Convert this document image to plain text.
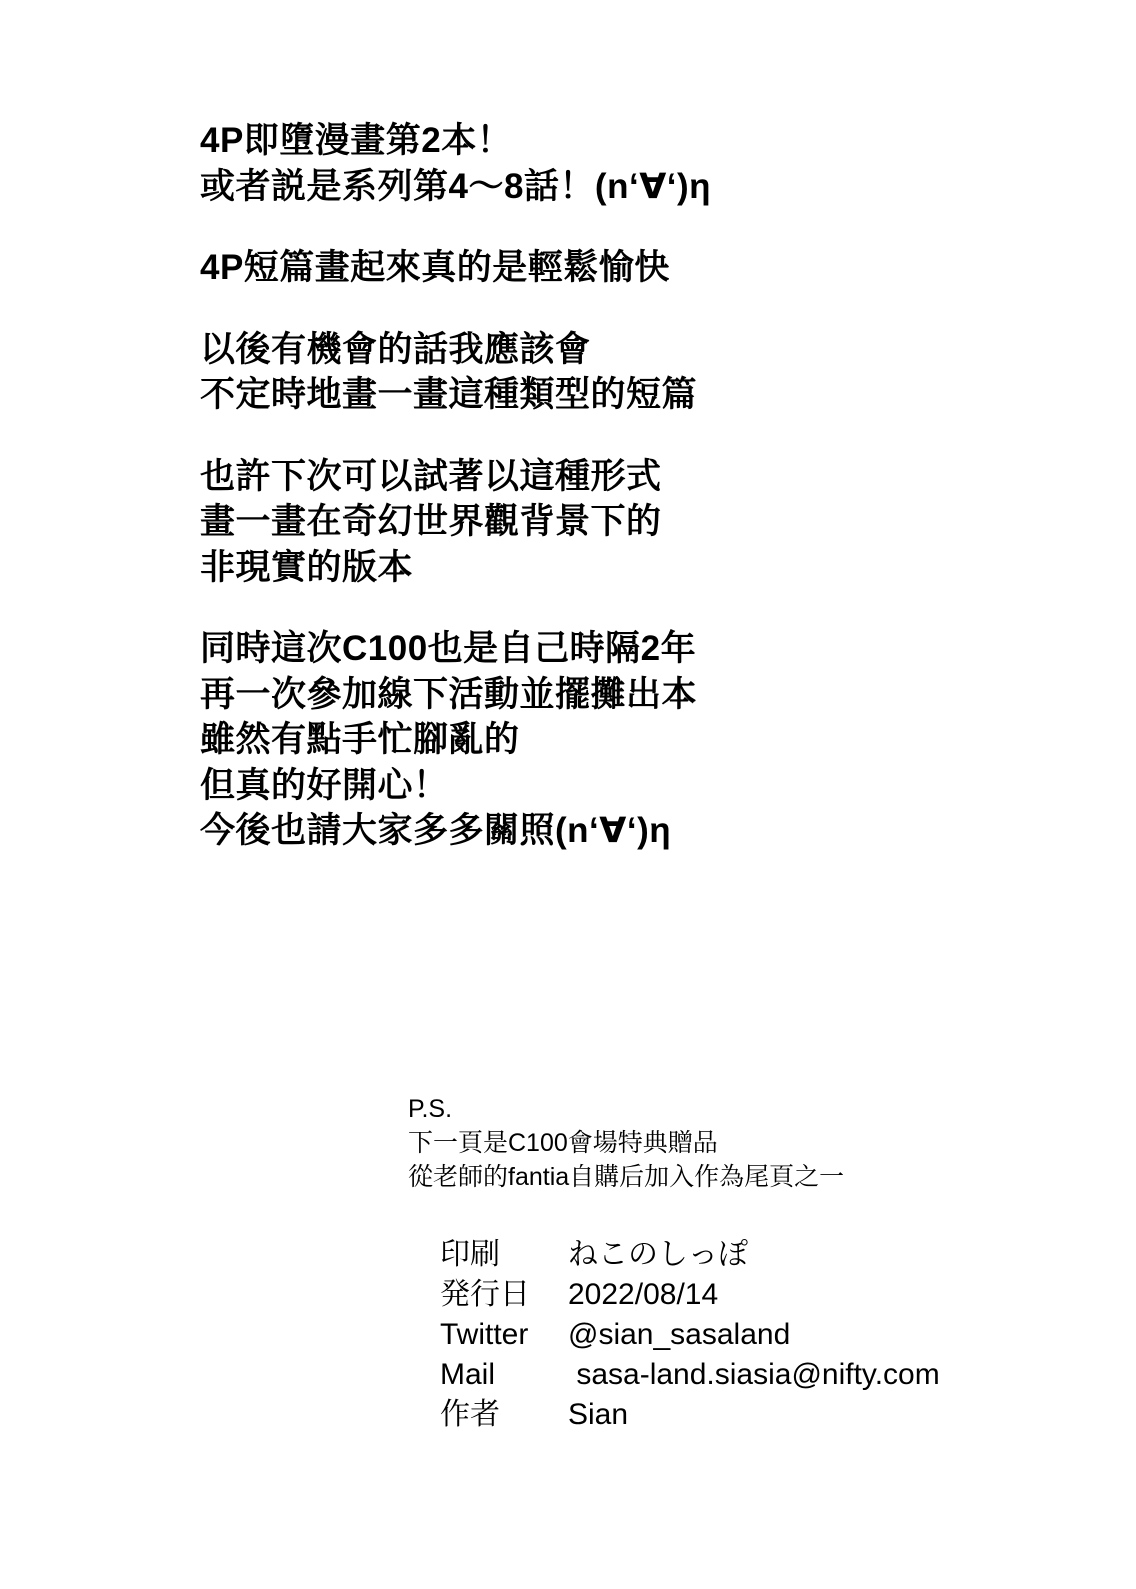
4P即墮漫畫第2本！
或者説是系列第4〜8話！(n‘∀‘)η
4P短篇畫起來真的是輕鬆愉快
以後有機會的話我應該會
不定時地畫一畫這種類型的短篇
也許下次可以試著以這種形式
畫一畫在奇幻世界觀背景下的
非現實的版本
同時這次C100也是自己時隔2年
再一次參加線下活動並擺攤出本
雖然有點手忙腳亂的
但真的好開心！
今後也請大家多多關照(n‘∀‘)η
P.S.
下一頁是C100會場特典贈品
從老師的fantia自購后加入作為尾頁之一
印刷	ねこのしっぽ
発行日	2022/08/14
Twitter	@sian_sasaland
Mail	sasa-land.siasia@nifty.com
作者	Sian
